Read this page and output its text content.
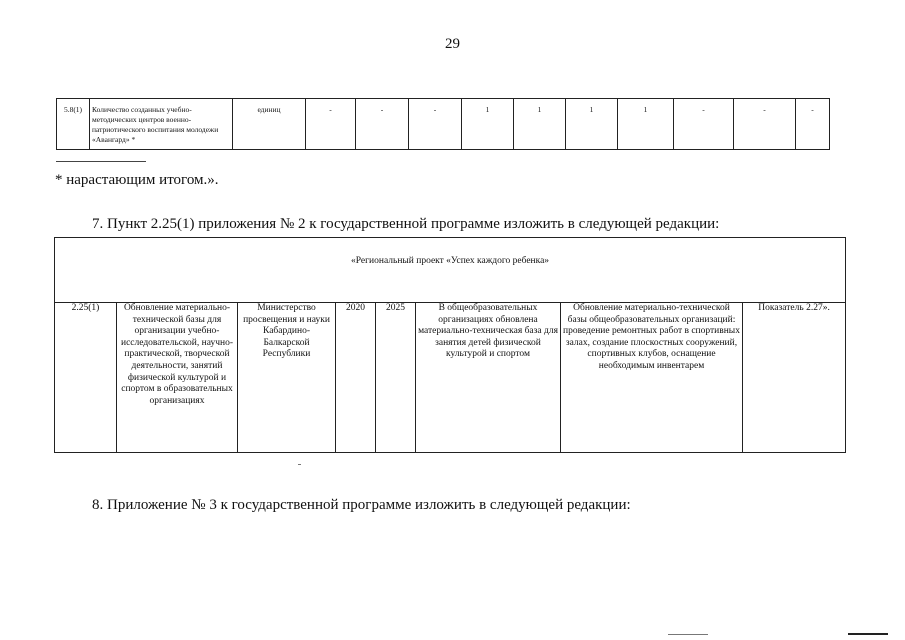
29
5.8(1)	Количество созданных учебно-методических центров военно-патриотического воспитания молодежи «Авангард» *	единиц	-	-	-	1	1	1	1	-	-	-
* нарастающим итогом.».
7. Пункт 2.25(1) приложения № 2 к государственной программе изложить в следующей редакции:
«Региональный проект «Успех каждого ребенка»
2.25(1)	Обновление материально-технической базы для организации учебно-исследовательской, научно-практической, творческой деятельности, занятий физической культурой и спортом в образовательных организациях	Министерство просвещения и науки Кабардино-Балкарской Республики	2020	2025	В общеобразовательных организациях обновлена материально-техническая база для занятия детей физической культурой и спортом	Обновление материально-технической базы общеобразовательных организаций: проведение ремонтных работ в спортивных залах, создание плоскостных сооружений, спортивных клубов, оснащение необходимым инвентарем	Показатель 2.27».
8. Приложение № 3 к государственной программе изложить в следующей редакции:
